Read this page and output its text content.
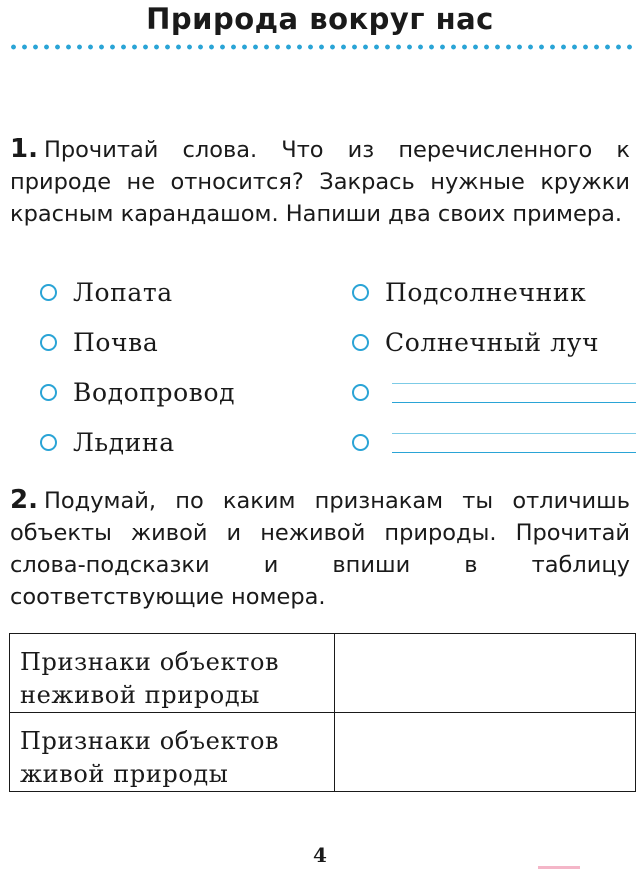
Природа вокруг нас
1. Прочитай слова. Что из перечисленного к природе не относится? Закрась нужные кружки красным карандашом. Напиши два своих примера.
Лопата
Почва
Водопровод
Льдина
Подсолнечник
Солнечный луч
2. Подумай, по каким признакам ты отличишь объекты живой и неживой природы. Прочитай слова-подсказки и впиши в таблицу соответствующие номера.
Признаки объектов неживой природы	
Признаки объектов живой природы	
4
